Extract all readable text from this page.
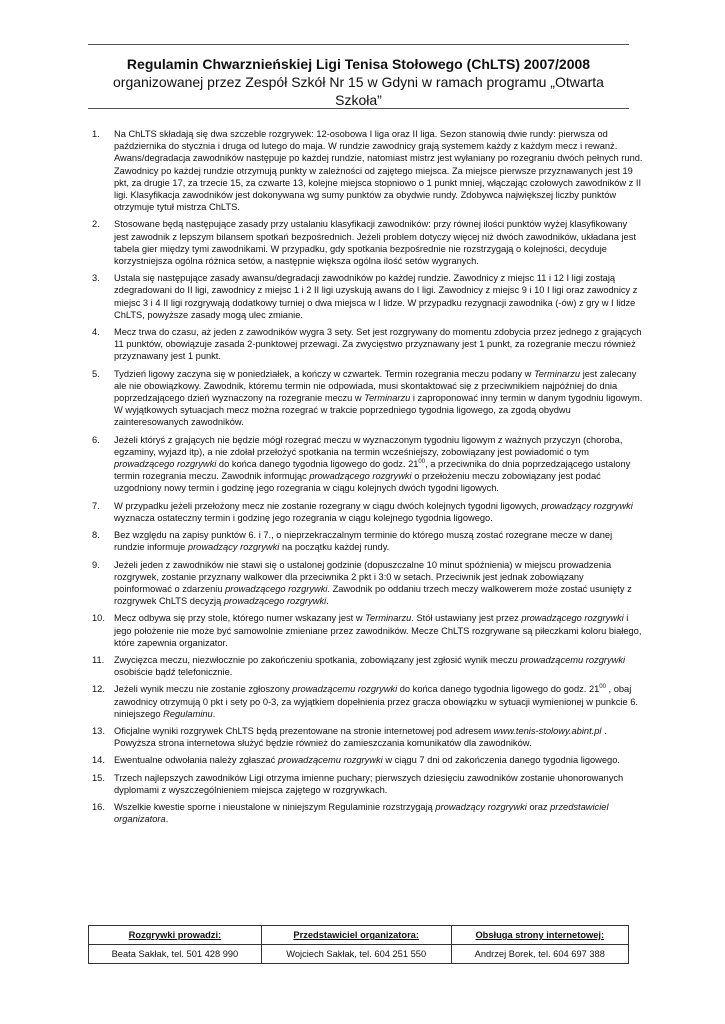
Regulamin Chwarznieńskiej Ligi Tenisa Stołowego (ChLTS) 2007/2008
organizowanej przez Zespół Szkół Nr 15 w Gdyni w ramach programu „Otwarta Szkoła”
1. Na ChLTS składają się dwa szczeble rozgrywek: 12-osobowa I liga oraz II liga. Sezon stanowią dwie rundy: pierwsza od października do stycznia i druga od lutego do maja. W rundzie zawodnicy grają systemem każdy z każdym mecz i rewanż. Awans/degradacja zawodników następuje po każdej rundzie, natomiast mistrz jest wyłaniany po rozegraniu dwóch pełnych rund. Zawodnicy po każdej rundzie otrzymują punkty w zależności od zajętego miejsca. Za miejsce pierwsze przyznawanych jest 19 pkt, za drugie 17, za trzecie 15, za czwarte 13, kolejne miejsca stopniowo o 1 punkt mniej, włączając czołowych zawodników z II ligi. Klasyfikacja zawodników jest dokonywana wg sumy punktów za obydwie rundy. Zdobywca największej liczby punktów otrzymuje tytuł mistrza ChLTS.
2. Stosowane będą następujące zasady przy ustalaniu klasyfikacji zawodników: przy równej ilości punktów wyżej klasyfikowany jest zawodnik z lepszym bilansem spotkań bezpośrednich. Jeżeli problem dotyczy więcej niż dwóch zawodników, układana jest tabela gier między tymi zawodnikami. W przypadku, gdy spotkania bezpośrednie nie rozstrzygają o kolejności, decyduje korzystniejsza ogólna różnica setów, a następnie większa ogólna ilość setów wygranych.
3. Ustala się następujące zasady awansu/degradacji zawodników po każdej rundzie. Zawodnicy z miejsc 11 i 12 I ligi zostają zdegradowani do II ligi, zawodnicy z miejsc 1 i 2 II ligi uzyskują awans do I ligi. Zawodnicy z miejsc 9 i 10 I ligi oraz zawodnicy z miejsc 3 i 4 II ligi rozgrywają dodatkowy turniej o dwa miejsca w I lidze. W przypadku rezygnacji zawodnika (-ów) z gry w I lidze ChLTS, powyższe zasady mogą ulec zmianie.
4. Mecz trwa do czasu, aż jeden z zawodników wygra 3 sety. Set jest rozgrywany do momentu zdobycia przez jednego z grających 11 punktów, obowiązuje zasada 2-punktowej przewagi. Za zwycięstwo przyznawany jest 1 punkt, za rozegranie meczu również przyznawany jest 1 punkt.
5. Tydzień ligowy zaczyna się w poniedziałek, a kończy w czwartek. Termin rozegrania meczu podany w Terminarzu jest zalecany ale nie obowiązkowy. Zawodnik, któremu termin nie odpowiada, musi skontaktować się z przeciwnikiem najpóźniej do dnia poprzedzającego dzień wyznaczony na rozegranie meczu w Terminarzu i zaproponować inny termin w danym tygodniu ligowym. W wyjątkowych sytuacjach mecz można rozegrać w trakcie poprzedniego tygodnia ligowego, za zgodą obydwu zainteresowanych zawodników.
6. Jeżeli któryś z grających nie będzie mógł rozegrać meczu w wyznaczonym tygodniu ligowym z ważnych przyczyn (choroba, egzaminy, wyjazd itp), a nie zdołał przełożyć spotkania na termin wcześniejszy, zobowiązany jest powiadomić o tym prowadzącego rozgrywki do końca danego tygodnia ligowego do godz. $21^{00}$, a przeciwnika do dnia poprzedzającego ustalony termin rozegrania meczu. Zawodnik informując prowadzącego rozgrywki o przełożeniu meczu zobowiązany jest podać uzgodniony nowy termin i godzinę jego rozegrania w ciągu kolejnych dwóch tygodni ligowych.
7. W przypadku jeżeli przełożony mecz nie zostanie rozegrany w ciągu dwóch kolejnych tygodni ligowych, prowadzący rozgrywki wyznacza ostateczny termin i godzinę jego rozegrania w ciągu kolejnego tygodnia ligowego.
8. Bez względu na zapisy punktów 6. i 7., o nieprzekraczalnym terminie do którego muszą zostać rozegrane mecze w danej rundzie informuje prowadzący rozgrywki na początku każdej rundy.
9. Jeżeli jeden z zawodników nie stawi się o ustalonej godzinie (dopuszczalne 10 minut spóźnienia) w miejscu prowadzenia rozgrywek, zostanie przyznany walkower dla przeciwnika 2 pkt i 3:0 w setach. Przeciwnik jest jednak zobowiązany poinformować o zdarzeniu prowadzącego rozgrywki. Zawodnik po oddaniu trzech meczy walkowerem może zostać usunięty z rozgrywek ChLTS decyzją prowadzącego rozgrywki.
10. Mecz odbywa się przy stole, którego numer wskazany jest w Terminarzu. Stół ustawiany jest przez prowadzącego rozgrywki i jego położenie nie może być samowolnie zmieniane przez zawodników. Mecze ChLTS rozgrywane są piłeczkami koloru białego, które zapewnia organizator.
11. Zwycięzca meczu, niezwłocznie po zakończeniu spotkania, zobowiązany jest zgłosić wynik meczu prowadzącemu rozgrywki osobiście bądź telefonicznie.
12. Jeżeli wynik meczu nie zostanie zgłoszony prowadzącemu rozgrywki do końca danego tygodnia ligowego do godz. $21^{00}$ , obaj zawodnicy otrzymują 0 pkt i sety po 0-3, za wyjątkiem dopełnienia przez gracza obowiązku w sytuacji wymienionej w punkcie 6. niniejszego Regulaminu.
13. Oficjalne wyniki rozgrywek ChLTS będą prezentowane na stronie internetowej pod adresem www.tenis-stolowy.abint.pl . Powyższa strona internetowa służyć będzie również do zamieszczania komunikatów dla zawodników.
14. Ewentualne odwołania należy zgłaszać prowadzącemu rozgrywki w ciągu 7 dni od zakończenia danego tygodnia ligowego.
15. Trzech najlepszych zawodników Ligi otrzyma imienne puchary; pierwszych dziesięciu zawodników zostanie uhonorowanych dyplomami z wyszczególnieniem miejsca zajętego w rozgrywkach.
16. Wszelkie kwestie sporne i nieustalone w niniejszym Regulaminie rozstrzygają prowadzący rozgrywki oraz przedstawiciel organizatora.
Rozgrywki prowadzi:	Przedstawiciel organizatora:	Obsługa strony internetowej:
Beata Sakłak, tel. 501 428 990	Wojciech Sakłak, tel. 604 251 550	Andrzej Borek, tel. 604 697 388
